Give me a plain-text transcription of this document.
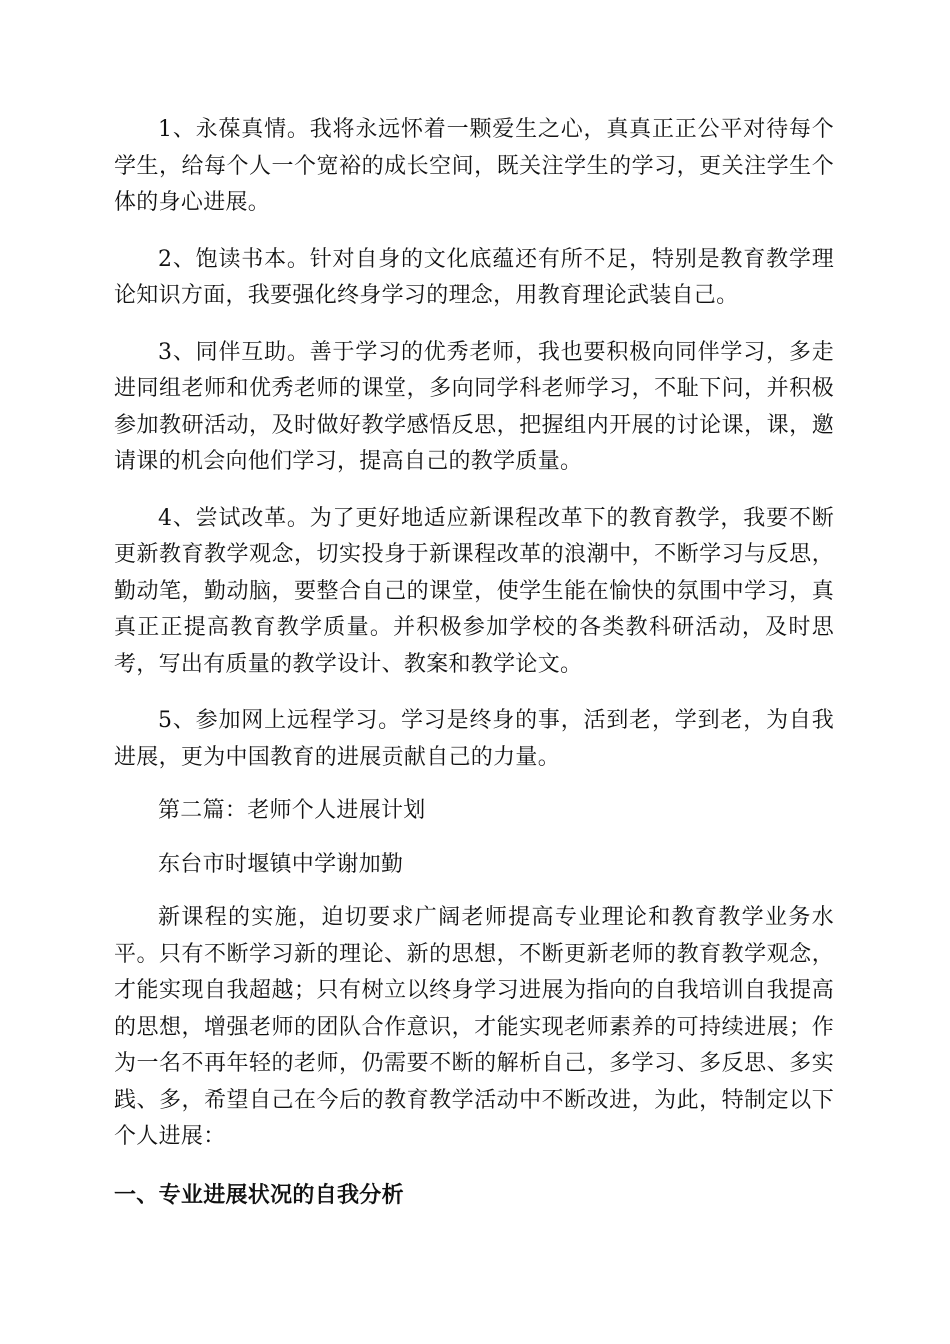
1、永葆真情。我将永远怀着一颗爱生之心，真真正正公平对待每个学生，给每个人一个宽裕的成长空间，既关注学生的学习，更关注学生个体的身心进展。

2、饱读书本。针对自身的文化底蕴还有所不足，特别是教育教学理论知识方面，我要强化终身学习的理念，用教育理论武装自己。

3、同伴互助。善于学习的优秀老师，我也要积极向同伴学习，多走进同组老师和优秀老师的课堂，多向同学科老师学习，不耻下问，并积极参加教研活动，及时做好教学感悟反思，把握组内开展的讨论课，课，邀请课的机会向他们学习，提高自己的教学质量。

4、尝试改革。为了更好地适应新课程改革下的教育教学，我要不断更新教育教学观念，切实投身于新课程改革的浪潮中，不断学习与反思，勤动笔，勤动脑，要整合自己的课堂，使学生能在愉快的氛围中学习，真真正正提高教育教学质量。并积极参加学校的各类教科研活动，及时思考，写出有质量的教学设计、教案和教学论文。

5、参加网上远程学习。学习是终身的事，活到老，学到老，为自我进展，更为中国教育的进展贡献自己的力量。

第二篇：老师个人进展计划

东台市时堰镇中学谢加勤

新课程的实施，迫切要求广阔老师提高专业理论和教育教学业务水平。只有不断学习新的理论、新的思想，不断更新老师的教育教学观念，才能实现自我超越；只有树立以终身学习进展为指向的自我培训自我提高的思想，增强老师的团队合作意识，才能实现老师素养的可持续进展；作为一名不再年轻的老师，仍需要不断的解析自己，多学习、多反思、多实践、多，希望自己在今后的教育教学活动中不断改进，为此，特制定以下个人进展：

一、专业进展状况的自我分析
